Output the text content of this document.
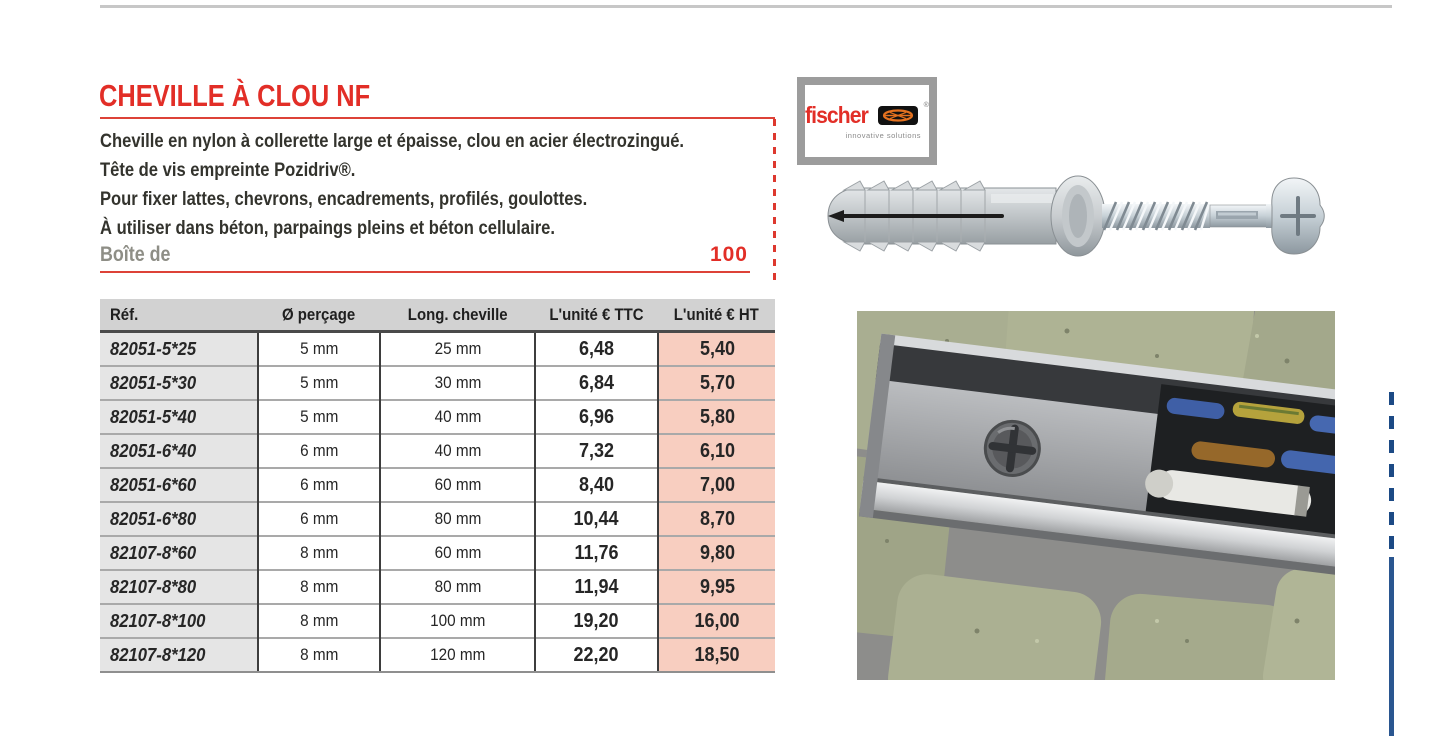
CHEVILLE À CLOU NF
Cheville en nylon à collerette large et épaisse, clou en acier électrozingué.
Tête de vis empreinte Pozidriv®.
Pour fixer lattes, chevrons, encadrements, profilés, goulottes.
À utiliser dans béton, parpaings pleins et béton cellulaire.
Boîte de	100
Réf.	Ø perçage	Long. cheville	L'unité € TTC	L'unité € HT
82051-5*25	5 mm	25 mm	6,48	5,40
82051-5*30	5 mm	30 mm	6,84	5,70
82051-5*40	5 mm	40 mm	6,96	5,80
82051-6*40	6 mm	40 mm	7,32	6,10
82051-6*60	6 mm	60 mm	8,40	7,00
82051-6*80	6 mm	80 mm	10,44	8,70
82107-8*60	8 mm	60 mm	11,76	9,80
82107-8*80	8 mm	80 mm	11,94	9,95
82107-8*100	8 mm	100 mm	19,20	16,00
82107-8*120	8 mm	120 mm	22,20	18,50
fischer	®
innovative solutions
